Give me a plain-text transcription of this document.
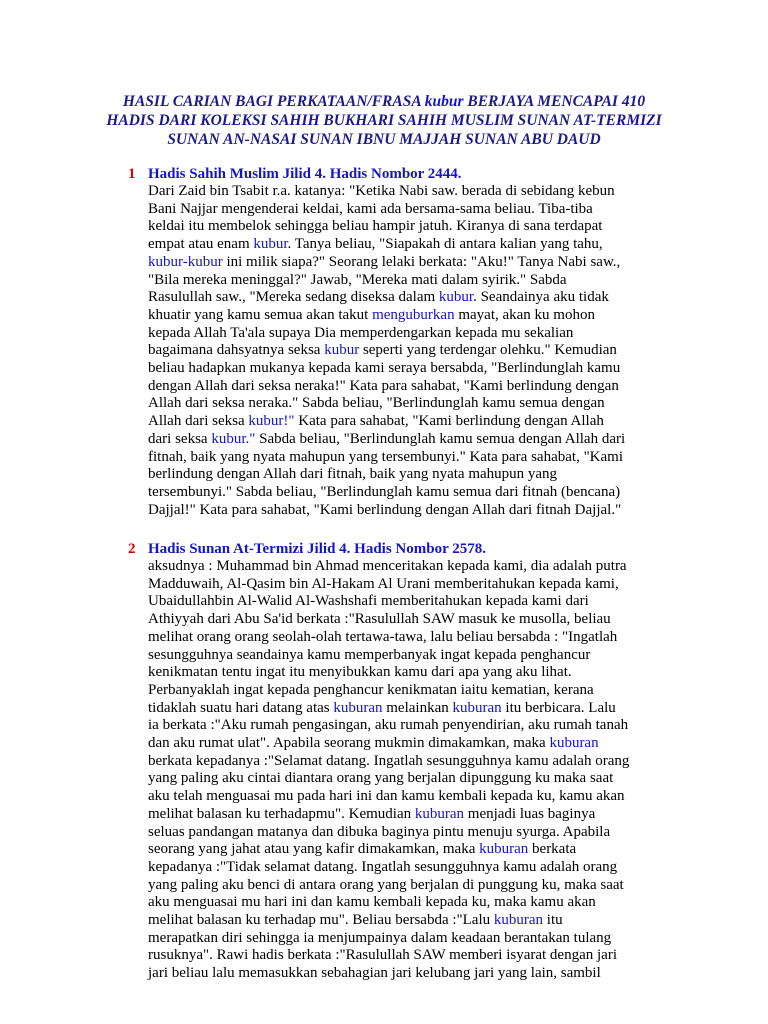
HASIL CARIAN BAGI PERKATAAN/FRASA kubur BERJAYA MENCAPAI 410
HADIS DARI KOLEKSI SAHIH BUKHARI SAHIH MUSLIM SUNAN AT-TERMIZI
SUNAN AN-NASAI SUNAN IBNU MAJJAH SUNAN ABU DAUD
1 Hadis Sahih Muslim Jilid 4. Hadis Nombor 2444.
Dari Zaid bin Tsabit r.a. katanya: "Ketika Nabi saw. berada di sebidang kebun
Bani Najjar mengenderai keldai, kami ada bersama-sama beliau. Tiba-tiba
keldai itu membelok sehingga beliau hampir jatuh. Kiranya di sana terdapat
empat atau enam kubur. Tanya beliau, "Siapakah di antara kalian yang tahu,
kubur-kubur ini milik siapa?" Seorang lelaki berkata: "Aku!" Tanya Nabi saw.,
"Bila mereka meninggal?" Jawab, "Mereka mati dalam syirik." Sabda
Rasulullah saw., "Mereka sedang diseksa dalam kubur. Seandainya aku tidak
khuatir yang kamu semua akan takut menguburkan mayat, akan ku mohon
kepada Allah Ta'ala supaya Dia memperdengarkan kepada mu sekalian
bagaimana dahsyatnya seksa kubur seperti yang terdengar olehku." Kemudian
beliau hadapkan mukanya kepada kami seraya bersabda, "Berlindunglah kamu
dengan Allah dari seksa neraka!" Kata para sahabat, "Kami berlindung dengan
Allah dari seksa neraka." Sabda beliau, "Berlindunglah kamu semua dengan
Allah dari seksa kubur!" Kata para sahabat, "Kami berlindung dengan Allah
dari seksa kubur." Sabda beliau, "Berlindunglah kamu semua dengan Allah dari
fitnah, baik yang nyata mahupun yang tersembunyi." Kata para sahabat, "Kami
berlindung dengan Allah dari fitnah, baik yang nyata mahupun yang
tersembunyi." Sabda beliau, "Berlindunglah kamu semua dari fitnah (bencana)
Dajjal!" Kata para sahabat, "Kami berlindung dengan Allah dari fitnah Dajjal."
2 Hadis Sunan At-Termizi Jilid 4. Hadis Nombor 2578.
aksudnya : Muhammad bin Ahmad menceritakan kepada kami, dia adalah putra
Madduwaih, Al-Qasim bin Al-Hakam Al Urani memberitahukan kepada kami,
Ubaidullahbin Al-Walid Al-Washshafi memberitahukan kepada kami dari
Athiyyah dari Abu Sa'id berkata :"Rasulullah SAW masuk ke musolla, beliau
melihat orang orang seolah-olah tertawa-tawa, lalu beliau bersabda : "Ingatlah
sesungguhnya seandainya kamu memperbanyak ingat kepada penghancur
kenikmatan tentu ingat itu menyibukkan kamu dari apa yang aku lihat.
Perbanyaklah ingat kepada penghancur kenikmatan iaitu kematian, kerana
tidaklah suatu hari datang atas kuburan melainkan kuburan itu berbicara. Lalu
ia berkata :"Aku rumah pengasingan, aku rumah penyendirian, aku rumah tanah
dan aku rumat ulat". Apabila seorang mukmin dimakamkan, maka kuburan
berkata kepadanya :"Selamat datang. Ingatlah sesungguhnya kamu adalah orang
yang paling aku cintai diantara orang yang berjalan dipunggung ku maka saat
aku telah menguasai mu pada hari ini dan kamu kembali kepada ku, kamu akan
melihat balasan ku terhadapmu". Kemudian kuburan menjadi luas baginya
seluas pandangan matanya dan dibuka baginya pintu menuju syurga. Apabila
seorang yang jahat atau yang kafir dimakamkan, maka kuburan berkata
kepadanya :"Tidak selamat datang. Ingatlah sesungguhnya kamu adalah orang
yang paling aku benci di antara orang yang berjalan di punggung ku, maka saat
aku menguasai mu hari ini dan kamu kembali kepada ku, maka kamu akan
melihat balasan ku terhadap mu". Beliau bersabda :"Lalu kuburan itu
merapatkan diri sehingga ia menjumpainya dalam keadaan berantakan tulang
rusuknya". Rawi hadis berkata :"Rasulullah SAW memberi isyarat dengan jari
jari beliau lalu memasukkan sebahagian jari kelubang jari yang lain, sambil
